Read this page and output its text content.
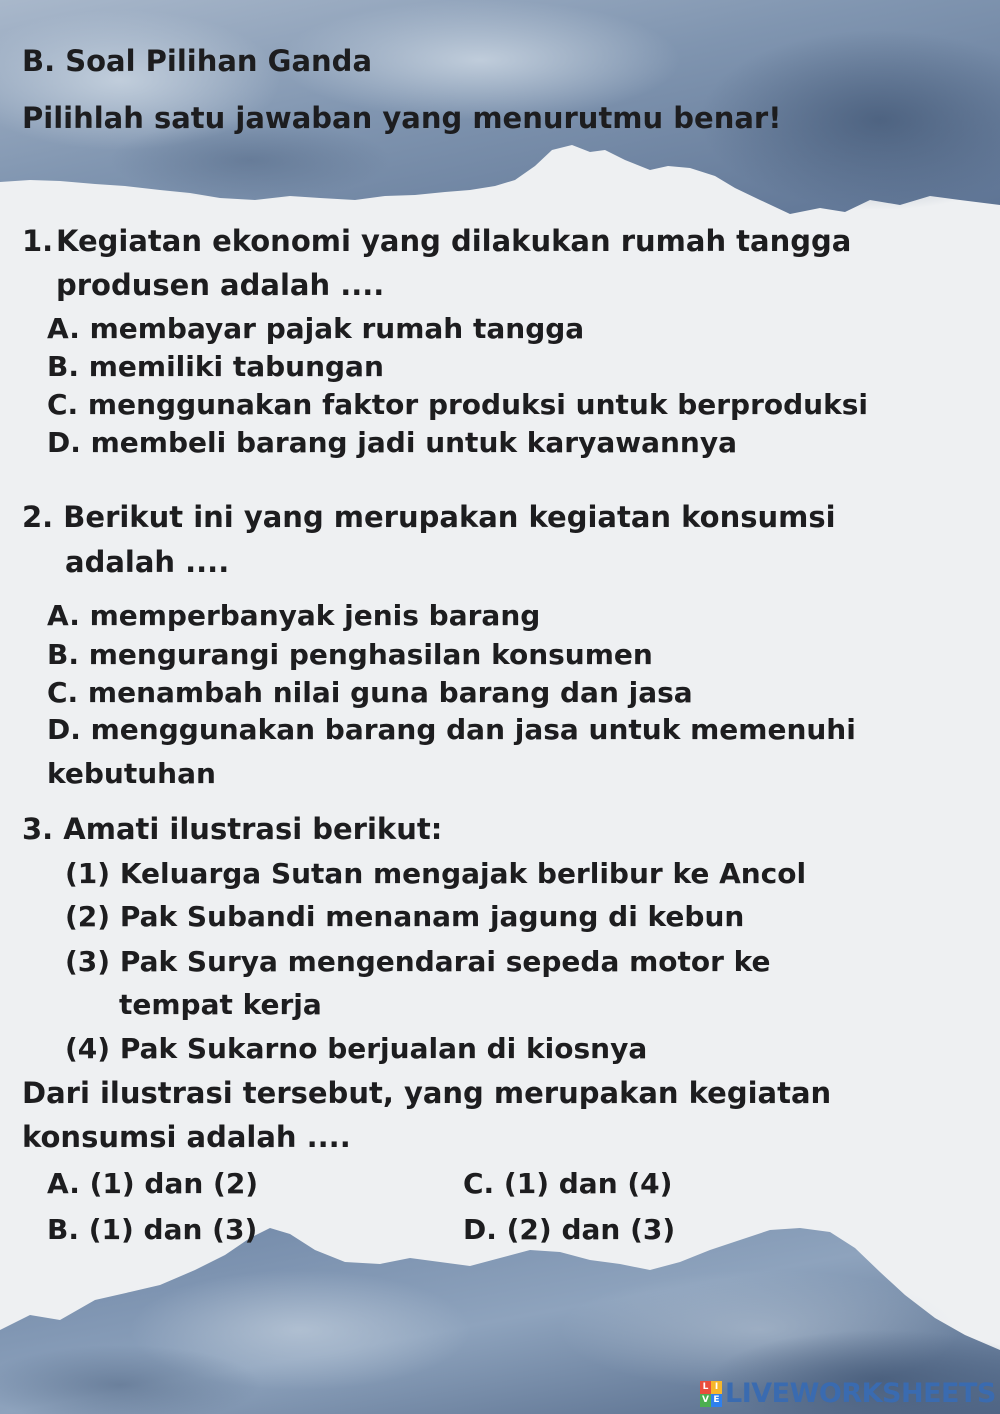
B. Soal Pilihan Ganda

Pilihlah satu jawaban yang menurutmu benar!

1. Kegiatan ekonomi yang dilakukan rumah tangga

produsen adalah ....

A. membayar pajak rumah tangga

B. memiliki tabungan

C. menggunakan faktor produksi untuk berproduksi

D. membeli barang jadi untuk karyawannya

2. Berikut ini yang merupakan kegiatan konsumsi

adalah ....

A. memperbanyak jenis barang

B. mengurangi penghasilan konsumen

C. menambah nilai guna barang dan jasa

D. menggunakan barang dan jasa untuk memenuhi

kebutuhan

3. Amati ilustrasi berikut:

(1) Keluarga Sutan mengajak berlibur ke Ancol

(2) Pak Subandi menanam jagung di kebun

(3) Pak Surya mengendarai sepeda motor ke

tempat kerja

(4) Pak Sukarno berjualan di kiosnya

Dari ilustrasi tersebut, yang merupakan kegiatan

konsumsi adalah ....

A. (1) dan (2)	C. (1) dan (4)

B. (1) dan (3)	D. (2) dan (3)

L I
V E LIVEWORKSHEETS
